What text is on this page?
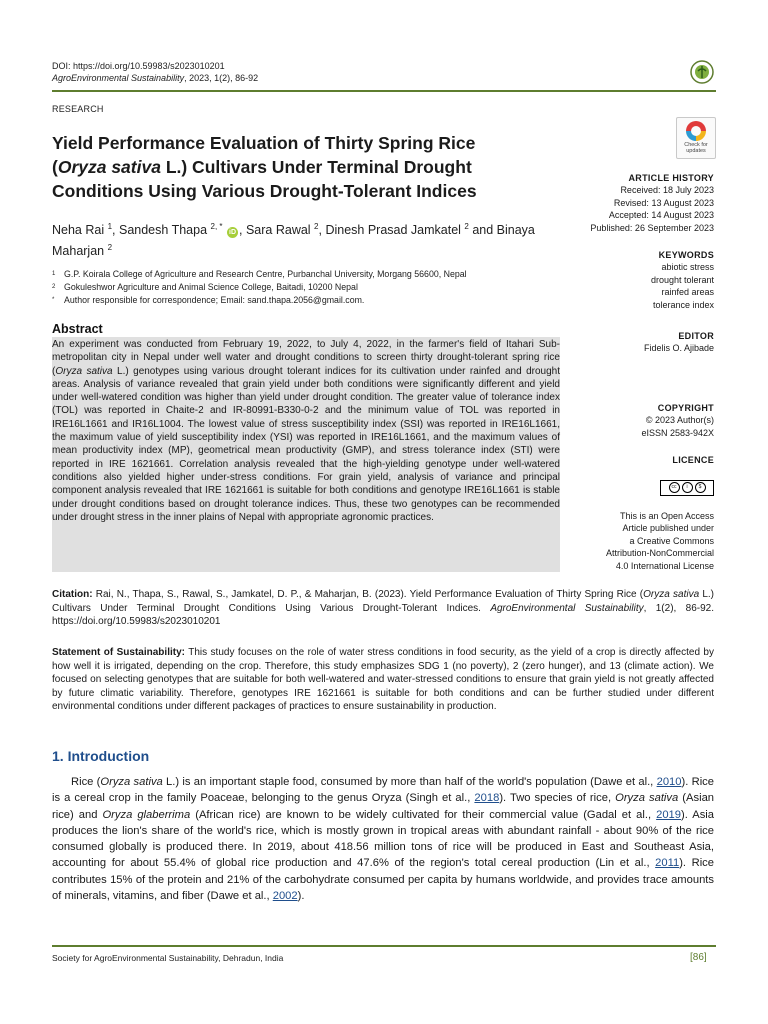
DOI: https://doi.org/10.59983/s2023010201
AgroEnvironmental Sustainability, 2023, 1(2), 86-92
RESEARCH
Yield Performance Evaluation of Thirty Spring Rice
(Oryza sativa L.) Cultivars Under Terminal Drought
Conditions Using Various Drought-Tolerant Indices
Check for updates
Neha Rai $^1$, Sandesh Thapa $^{2, *}$ iD , Sara Rawal $^2$, Dinesh Prasad Jamkatel $^2$ and Binaya Maharjan $^2$
1 G.P. Koirala College of Agriculture and Research Centre, Purbanchal University, Morgang 56600, Nepal
2 Gokuleshwor Agriculture and Animal Science College, Baitadi, 10200 Nepal
*	Author responsible for correspondence; Email: sand.thapa.2056@gmail.com.
Abstract
An experiment was conducted from February 19, 2022, to July 4, 2022, in the farmer's field of Itahari Sub-metropolitan city in Nepal under well water and drought conditions to screen thirty drought-tolerant spring rice (Oryza sativa L.) genotypes using various drought tolerant indices for its cultivation under rainfed and drought areas. Analysis of variance revealed that grain yield under both conditions were significantly different and yield under well-watered condition was higher than yield under drought condition. The greater value of tolerance index (TOL) was reported in Chaite-2 and IR-80991-B330-0-2 and the minimum value of TOL was reported in IRE16L1661 and IR16L1004. The lowest value of stress susceptibility index (SSI) was reported in IRE16L1661, the maximum value of yield susceptibility index (YSI) was reported in IRE16L1661, and the maximum values of mean productivity index (MP), geometrical mean productivity (GMP), and stress tolerance index (STI) were reported in IRE 1621661. Correlation analysis revealed that the high-yielding genotype under well-watered conditions also yielded higher under-stress conditions. For grain yield, analysis of variance and principal component analysis revealed that IRE 1621661 is suitable for both conditions and genotype IRE16L1661 is stable under drought conditions based on drought tolerance indices. Thus, these two genotypes can be recommended under drought stress in the inner plains of Nepal with appropriate agronomic practices.
ARTICLE HISTORY
Received: 18 July 2023
Revised: 13 August 2023
Accepted: 14 August 2023
Published: 26 September 2023
KEYWORDS
abiotic stress
drought tolerant
rainfed areas
tolerance index
EDITOR
Fidelis O. Ajibade
COPYRIGHT
© 2023 Author(s)
eISSN 2583-942X
LICENCE
cc	i	$
This is an Open Access
Article published under
a Creative Commons
Attribution-NonCommercial
4.0 International License
Citation: Rai, N., Thapa, S., Rawal, S., Jamkatel, D. P., & Maharjan, B. (2023). Yield Performance Evaluation of Thirty Spring Rice (Oryza sativa L.) Cultivars Under Terminal Drought Conditions Using Various Drought-Tolerant Indices. AgroEnvironmental Sustainability, 1(2), 86-92. https://doi.org/10.59983/s2023010201
Statement of Sustainability: This study focuses on the role of water stress conditions in food security, as the yield of a crop is directly affected by how well it is irrigated, depending on the crop. Therefore, this study emphasizes SDG 1 (no poverty), 2 (zero hunger), and 13 (climate action). We focused on selecting genotypes that are suitable for both well-watered and water-stressed conditions to ensure that grain yield is not greatly affected by future climatic variability. Therefore, genotypes IRE 1621661 is suitable for both conditions and can be further studied under different environmental conditions under different packages of practices to ensure sustainability in production.
1. Introduction
Rice (Oryza sativa L.) is an important staple food, consumed by more than half of the world's population (Dawe et al., 2010). Rice is a cereal crop in the family Poaceae, belonging to the genus Oryza (Singh et al., 2018). Two species of rice, Oryza sativa (Asian rice) and Oryza glaberrima (African rice) are known to be widely cultivated for their commercial value (Gadal et al., 2019). Asia produces the lion's share of the world's rice, which is mostly grown in tropical areas with abundant rainfall - about 90% of the rice consumed globally is produced there. In 2019, about 418.56 million tons of rice will be produced in East and Southeast Asia, accounting for about 55.4% of global rice production and 47.6% of the region's total cereal production (Lin et al., 2011). Rice contributes 15% of the protein and 21% of the carbohydrate consumed per capita by humans worldwide, and provides trace amounts of minerals, vitamins, and fiber (Dawe et al., 2002).
Society for AgroEnvironmental Sustainability, Dehradun, India	[86]
